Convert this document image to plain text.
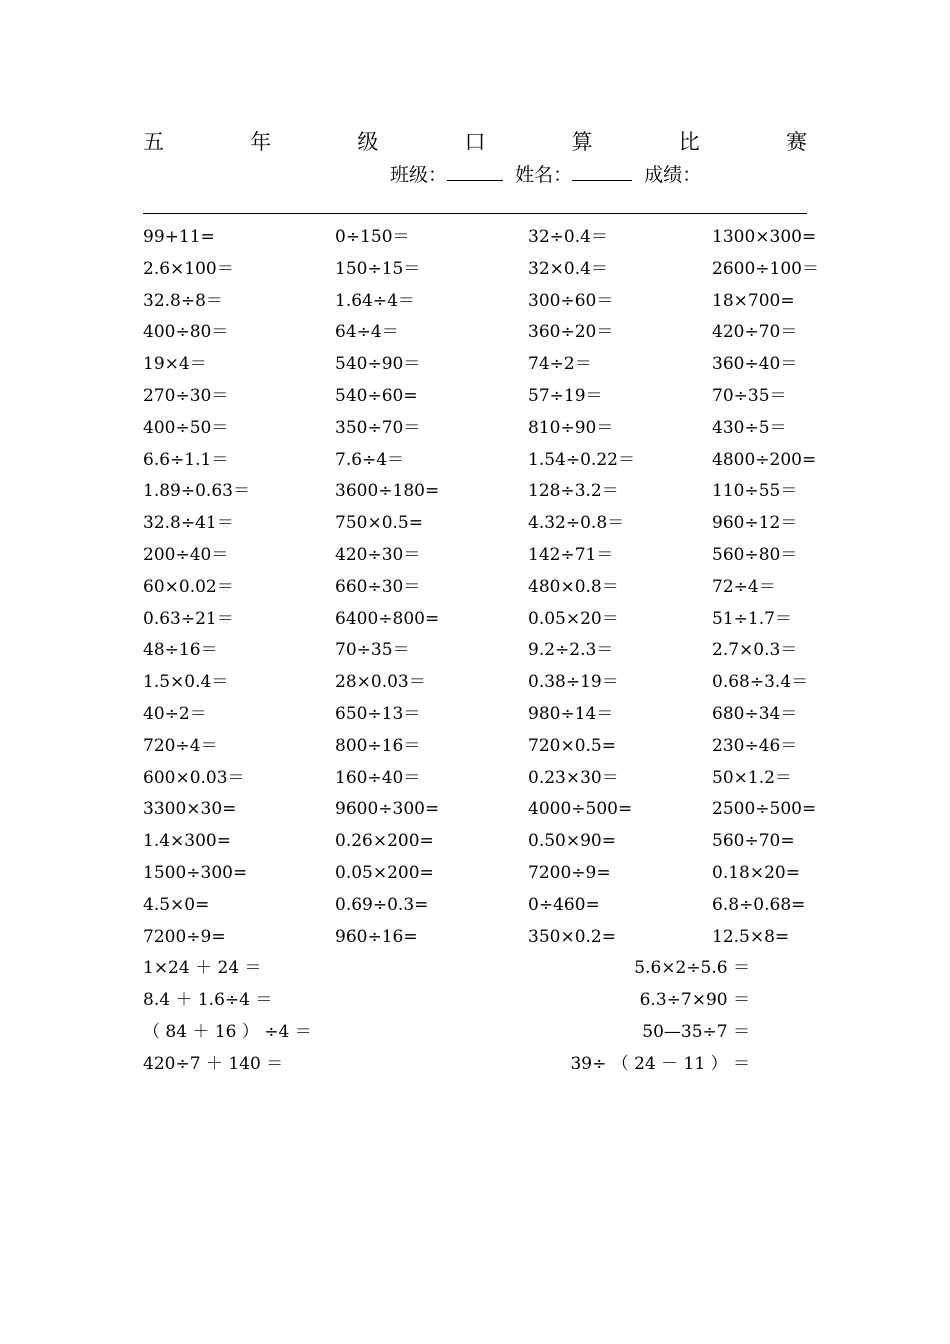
五	年	级	口	算	比	赛
班级：	姓名：	成绩：
99+11=	0÷150＝	32÷0.4＝	1300×300=
2.6×100＝	150÷15＝	32×0.4＝	2600÷100＝
32.8÷8＝	1.64÷4＝	300÷60＝	18×700=
400÷80＝	64÷4＝	360÷20＝	420÷70＝
19×4＝	540÷90＝	74÷2＝	360÷40＝
270÷30＝	540÷60=	57÷19＝	70÷35＝
400÷50＝	350÷70＝	810÷90＝	430÷5＝
6.6÷1.1＝	7.6÷4＝	1.54÷0.22＝	4800÷200=
1.89÷0.63＝	3600÷180=	128÷3.2＝	110÷55＝
32.8÷41＝	750×0.5=	4.32÷0.8＝	960÷12＝
200÷40＝	420÷30＝	142÷71＝	560÷80＝
60×0.02＝	660÷30＝	480×0.8＝	72÷4＝
0.63÷21＝	6400÷800=	0.05×20＝	51÷1.7＝
48÷16＝	70÷35＝	9.2÷2.3＝	2.7×0.3＝
1.5×0.4＝	28×0.03＝	0.38÷19＝	0.68÷3.4＝
40÷2＝	650÷13＝	980÷14＝	680÷34＝
720÷4＝	800÷16＝	720×0.5=	230÷46＝
600×0.03＝	160÷40＝	0.23×30＝	50×1.2＝
3300×30=	9600÷300=	4000÷500=	2500÷500=
1.4×300=	0.26×200=	0.50×90=	560÷70=
1500÷300=	0.05×200=	7200÷9=	0.18×20=
4.5×0=	0.69÷0.3=	0÷460=	6.8÷0.68=
7200÷9=	960÷16=	350×0.2=	12.5×8=
1×24 ＋ 24 ＝	5.6×2÷5.6 ＝
8.4 ＋ 1.6÷4 ＝	6.3÷7×90 ＝
（ 84 ＋ 16 ） ÷4 ＝	50—35÷7 ＝
420÷7 ＋ 140 ＝	39÷ （ 24 － 11 ） ＝
